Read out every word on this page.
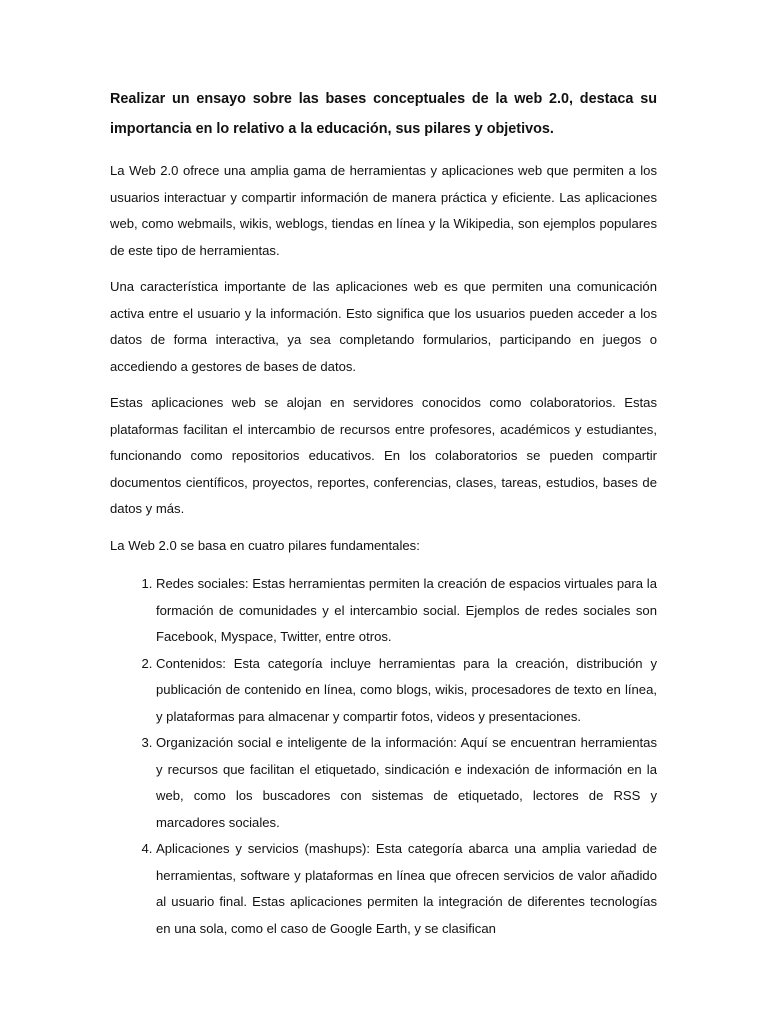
Realizar un ensayo sobre las bases conceptuales de la web 2.0, destaca su importancia en lo relativo a la educación, sus pilares y objetivos.

La Web 2.0 ofrece una amplia gama de herramientas y aplicaciones web que permiten a los usuarios interactuar y compartir información de manera práctica y eficiente. Las aplicaciones web, como webmails, wikis, weblogs, tiendas en línea y la Wikipedia, son ejemplos populares de este tipo de herramientas.

Una característica importante de las aplicaciones web es que permiten una comunicación activa entre el usuario y la información. Esto significa que los usuarios pueden acceder a los datos de forma interactiva, ya sea completando formularios, participando en juegos o accediendo a gestores de bases de datos.

Estas aplicaciones web se alojan en servidores conocidos como colaboratorios. Estas plataformas facilitan el intercambio de recursos entre profesores, académicos y estudiantes, funcionando como repositorios educativos. En los colaboratorios se pueden compartir documentos científicos, proyectos, reportes, conferencias, clases, tareas, estudios, bases de datos y más.

La Web 2.0 se basa en cuatro pilares fundamentales:

1. Redes sociales: Estas herramientas permiten la creación de espacios virtuales para la formación de comunidades y el intercambio social. Ejemplos de redes sociales son Facebook, Myspace, Twitter, entre otros.
2. Contenidos: Esta categoría incluye herramientas para la creación, distribución y publicación de contenido en línea, como blogs, wikis, procesadores de texto en línea, y plataformas para almacenar y compartir fotos, videos y presentaciones.
3. Organización social e inteligente de la información: Aquí se encuentran herramientas y recursos que facilitan el etiquetado, sindicación e indexación de información en la web, como los buscadores con sistemas de etiquetado, lectores de RSS y marcadores sociales.
4. Aplicaciones y servicios (mashups): Esta categoría abarca una amplia variedad de herramientas, software y plataformas en línea que ofrecen servicios de valor añadido al usuario final. Estas aplicaciones permiten la integración de diferentes tecnologías en una sola, como el caso de Google Earth, y se clasifican
